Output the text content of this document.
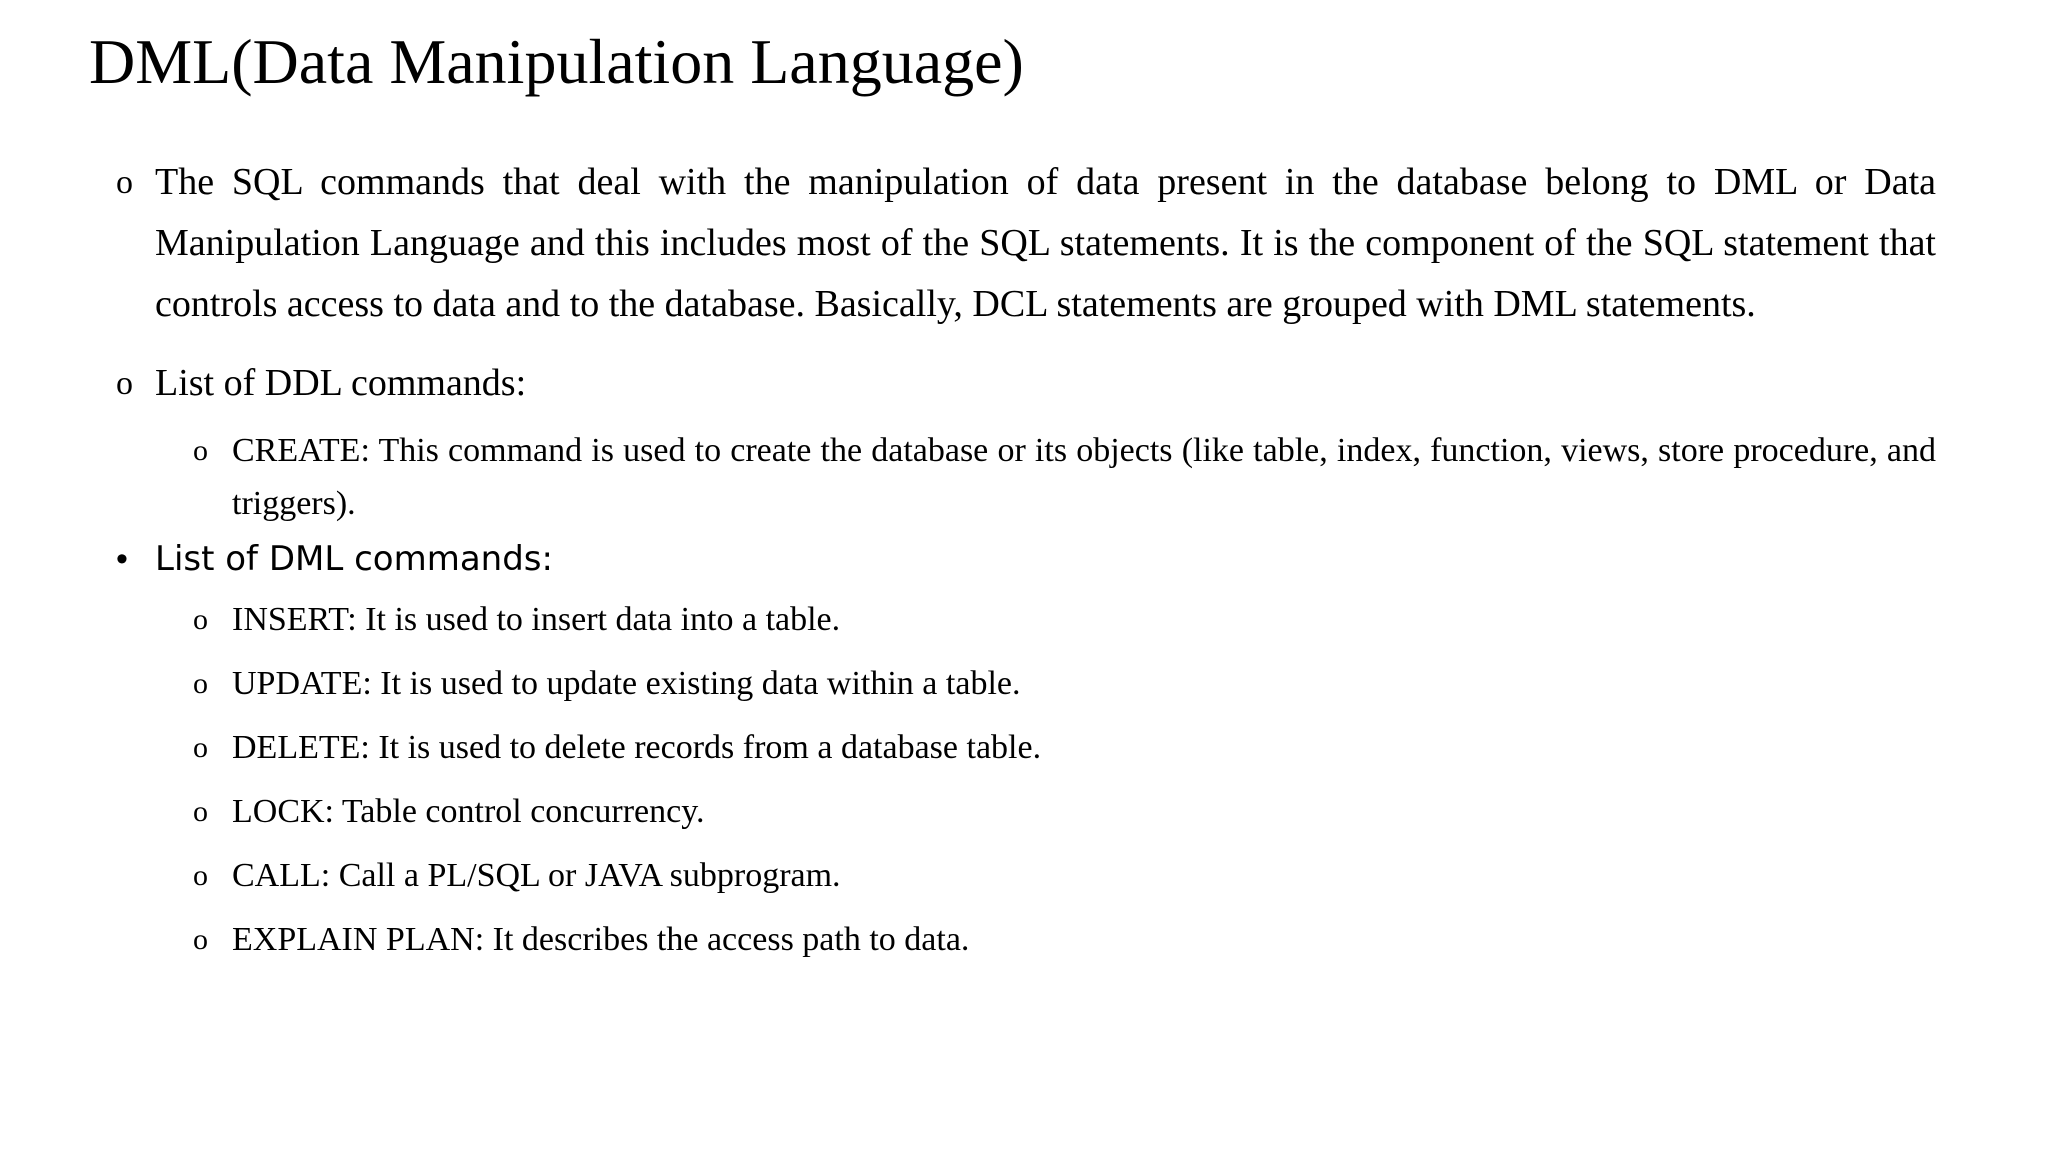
DML(Data Manipulation Language)
o The SQL commands that deal with the manipulation of data present in the database belong to DML or Data Manipulation Language and this includes most of the SQL statements. It is the component of the SQL statement that controls access to data and to the database. Basically, DCL statements are grouped with DML statements.
o List of DDL commands:
o CREATE: This command is used to create the database or its objects (like table, index, function, views, store procedure, and triggers).
• List of DML commands:
o INSERT: It is used to insert data into a table.
o UPDATE: It is used to update existing data within a table.
o DELETE: It is used to delete records from a database table.
o LOCK: Table control concurrency.
o CALL: Call a PL/SQL or JAVA subprogram.
o EXPLAIN PLAN: It describes the access path to data.
